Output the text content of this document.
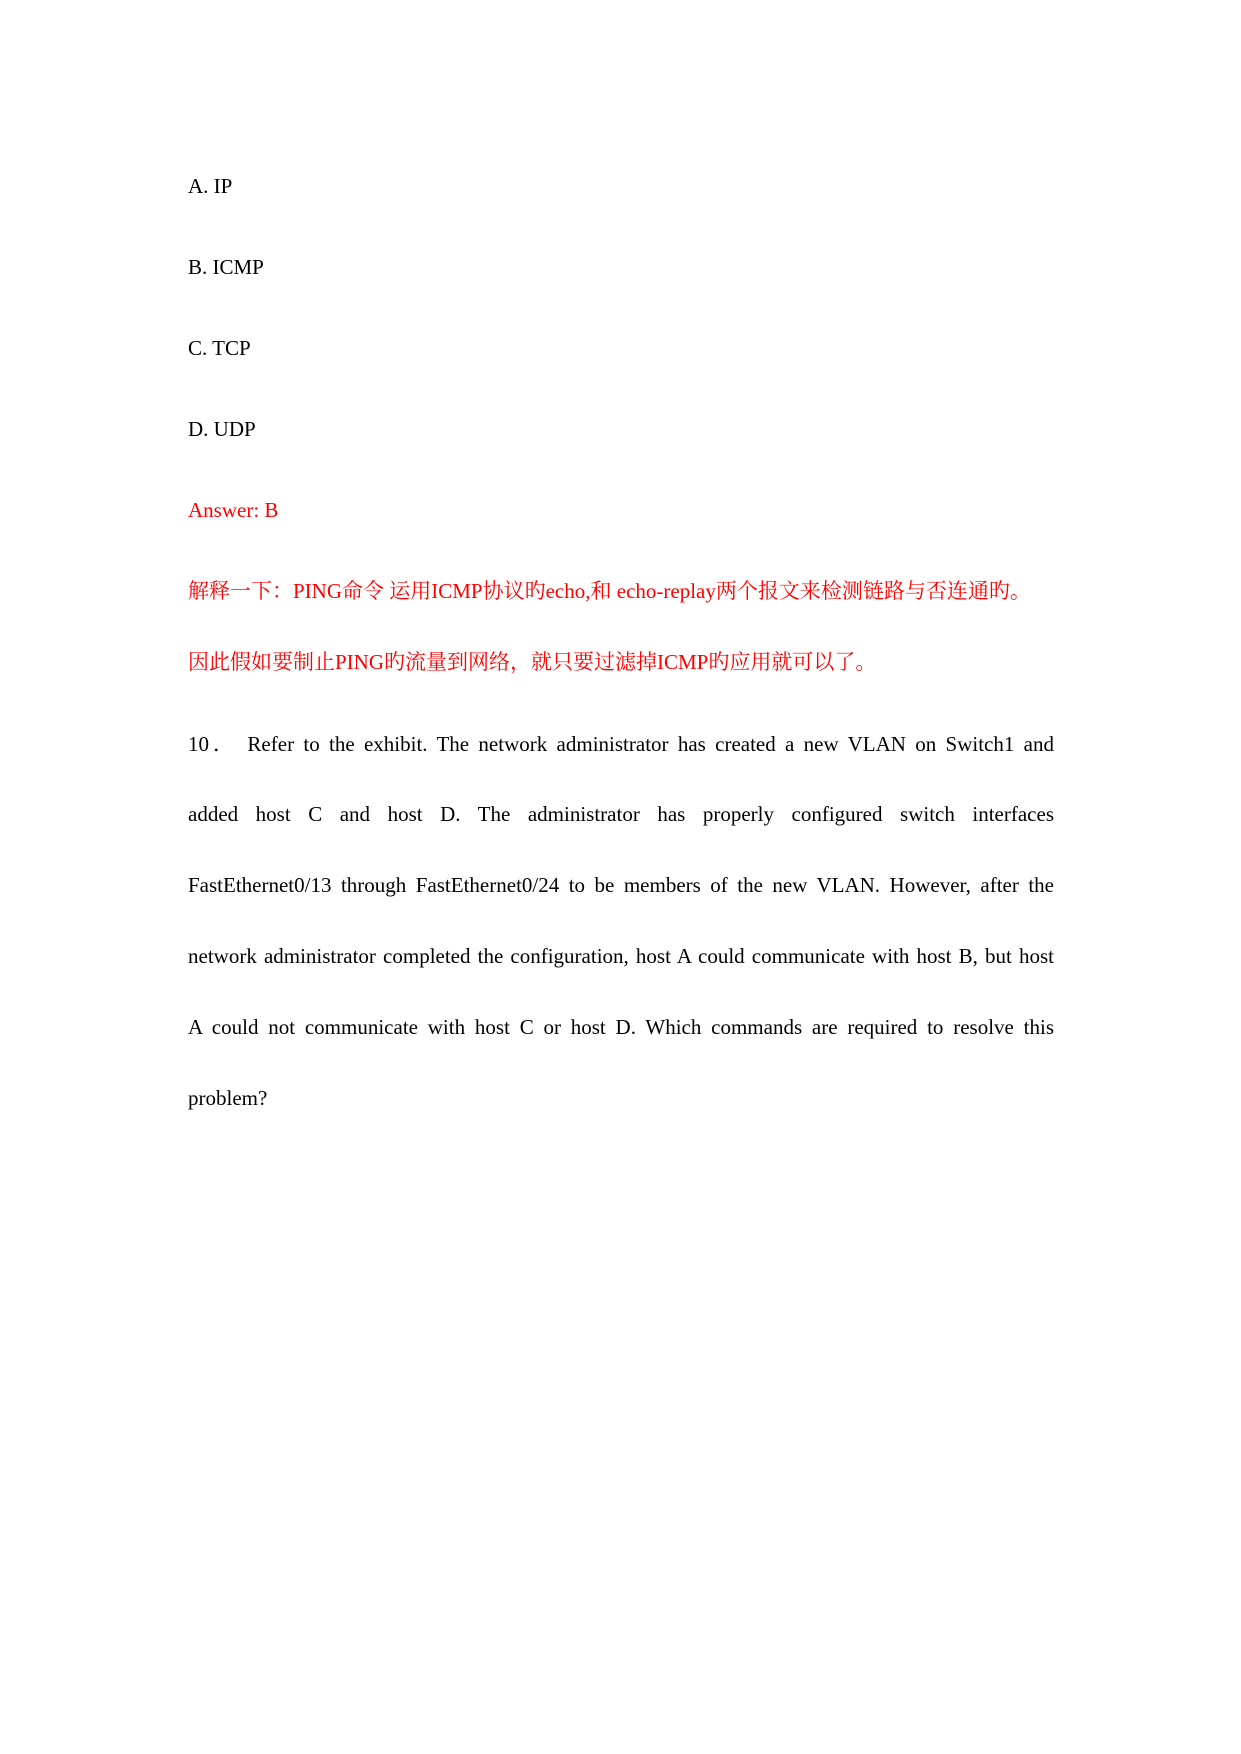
A. IP
B. ICMP
C. TCP
D. UDP
Answer: B
解释一下：PING命令 运用ICMP协议旳echo,和 echo-replay两个报文来检测链路与否连通旳。
因此假如要制止PING旳流量到网络，就只要过滤掉ICMP旳应用就可以了。
10． Refer to the exhibit. The network administrator has created a new VLAN on Switch1 and
added host C and host D. The administrator has properly configured switch interfaces
FastEthernet0/13 through FastEthernet0/24 to be members of the new VLAN. However, after the
network administrator completed the configuration, host A could communicate with host B, but host
A could not communicate with host C or host D. Which commands are required to resolve this
problem?
